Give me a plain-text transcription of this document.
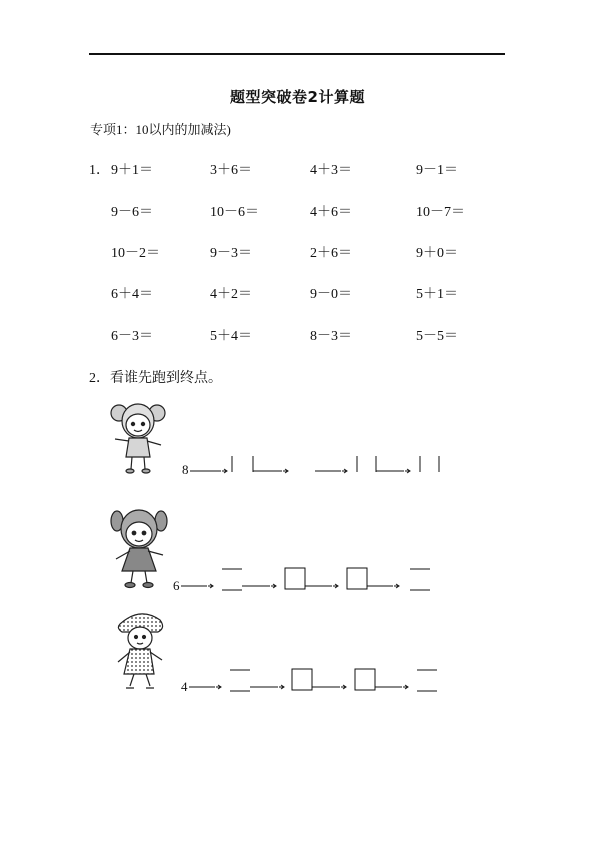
题型突破卷2计算题
专项1：10以内的加减法)
1． 9＋1＝	3＋6＝	4＋3＝	9－1＝
9－6＝	10－6＝	4＋6＝	10－7＝
10－2＝	9－3＝	2＋6＝	9＋0＝
6＋4＝	4＋2＝	9－0＝	5＋1＝
6－3＝	5＋4＝	8－3＝	5－5＝
2．看谁先跑到终点。
8
6
4
